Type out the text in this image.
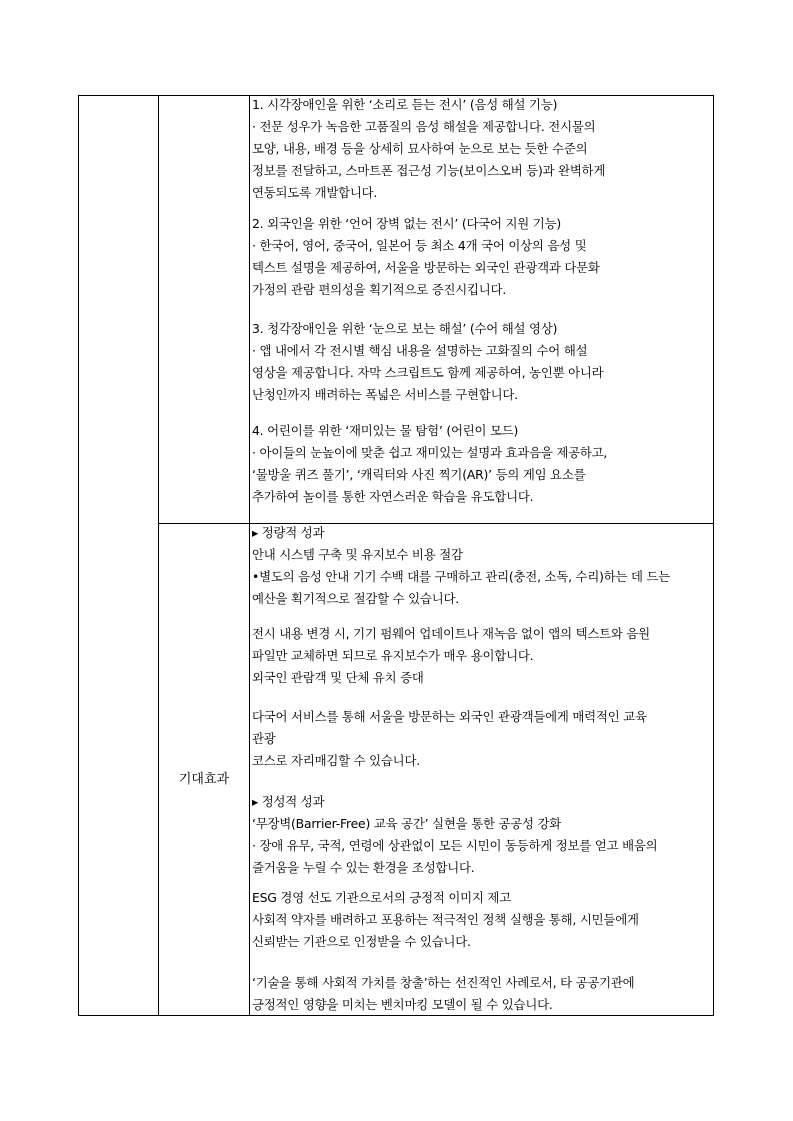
1. 시각장애인을 위한 ‘소리로 듣는 전시’ (음성 해설 기능)

· 전문 성우가 녹음한 고품질의 음성 해설을 제공합니다. 전시물의

모양, 내용, 배경 등을 상세히 묘사하여 눈으로 보는 듯한 수준의

정보를 전달하고, 스마트폰 접근성 기능(보이스오버 등)과 완벽하게

연동되도록 개발합니다.

2. 외국인을 위한 ‘언어 장벽 없는 전시’ (다국어 지원 기능)

· 한국어, 영어, 중국어, 일본어 등 최소 4개 국어 이상의 음성 및

텍스트 설명을 제공하여, 서울을 방문하는 외국인 관광객과 다문화

가정의 관람 편의성을 획기적으로 증진시킵니다.

3. 청각장애인을 위한 ‘눈으로 보는 해설’ (수어 해설 영상)

· 앱 내에서 각 전시별 핵심 내용을 설명하는 고화질의 수어 해설

영상을 제공합니다. 자막 스크립트도 함께 제공하여, 농인뿐 아니라

난청인까지 배려하는 폭넓은 서비스를 구현합니다.

4. 어린이를 위한 ‘재미있는 물 탐험’ (어린이 모드)

· 아이들의 눈높이에 맞춘 쉽고 재미있는 설명과 효과음을 제공하고,

‘물방울 퀴즈 풀기’, ‘캐릭터와 사진 찍기(AR)’ 등의 게임 요소를

추가하여 놀이를 통한 자연스러운 학습을 유도합니다.

기대효과

▸ 정량적 성과

안내 시스템 구축 및 유지보수 비용 절감

•별도의 음성 안내 기기 수백 대를 구매하고 관리(충전, 소독, 수리)하는 데 드는

예산을 획기적으로 절감할 수 있습니다.

전시 내용 변경 시, 기기 펌웨어 업데이트나 재녹음 없이 앱의 텍스트와 음원

파일만 교체하면 되므로 유지보수가 매우 용이합니다.

외국인 관람객 및 단체 유치 증대

다국어 서비스를 통해 서울을 방문하는 외국인 관광객들에게 매력적인 교육

관광

코스로 자리매김할 수 있습니다.

▸ 정성적 성과

‘무장벽(Barrier-Free) 교육 공간’ 실현을 통한 공공성 강화

· 장애 유무, 국적, 연령에 상관없이 모든 시민이 동등하게 정보를 얻고 배움의

즐거움을 누릴 수 있는 환경을 조성합니다.

ESG 경영 선도 기관으로서의 긍정적 이미지 제고

사회적 약자를 배려하고 포용하는 적극적인 정책 실행을 통해, 시민들에게

신뢰받는 기관으로 인정받을 수 있습니다.

‘기술을 통해 사회적 가치를 창출’하는 선진적인 사례로서, 타 공공기관에

긍정적인 영향을 미치는 벤치마킹 모델이 될 수 있습니다.
